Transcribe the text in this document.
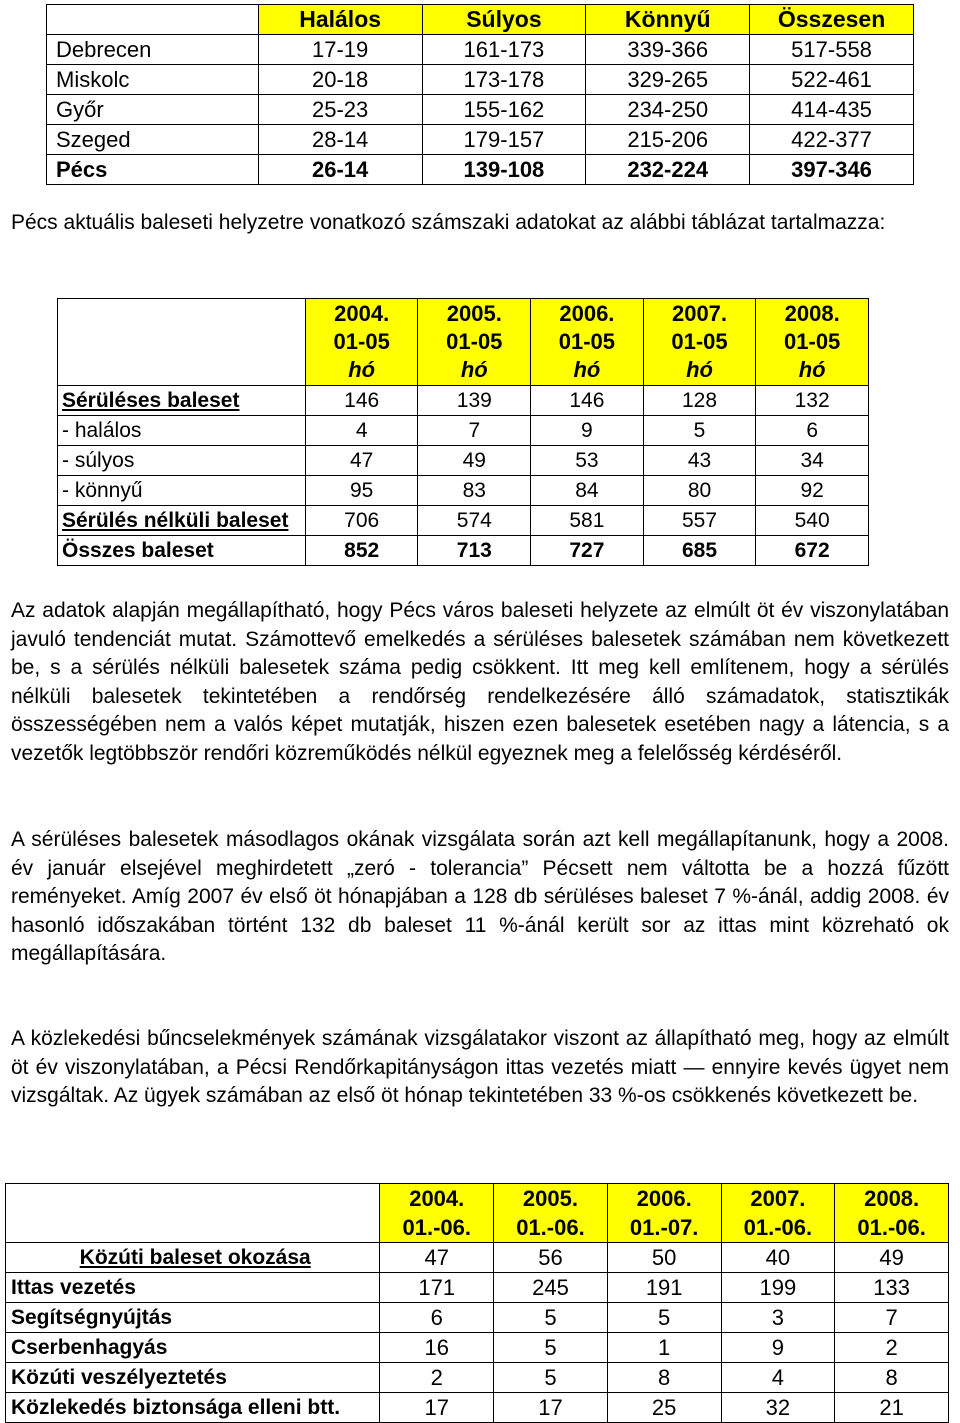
	Halálos	Súlyos	Könnyű	Összesen
Debrecen	17-19	161-173	339-366	517-558
Miskolc	20-18	173-178	329-265	522-461
Győr	25-23	155-162	234-250	414-435
Szeged	28-14	179-157	215-206	422-377
Pécs	26-14	139-108	232-224	397-346

Pécs aktuális baleseti helyzetre vonatkozó számszaki adatokat az alábbi táblázat tartalmazza:

	2004.
01-05
hó	2005.
01-05
hó	2006.
01-05
hó	2007.
01-05
hó	2008.
01-05
hó
Sérüléses baleset	146	139	146	128	132
- halálos	4	7	9	5	6
- súlyos	47	49	53	43	34
- könnyű	95	83	84	80	92
Sérülés nélküli baleset	706	574	581	557	540
Összes baleset	852	713	727	685	672

Az adatok alapján megállapítható, hogy Pécs város baleseti helyzete az elmúlt öt év viszonylatában javuló tendenciát mutat. Számottevő emelkedés a sérüléses balesetek számában nem következett be, s a sérülés nélküli balesetek száma pedig csökkent. Itt meg kell említenem, hogy a sérülés nélküli balesetek tekintetében a rendőrség rendelkezésére álló számadatok, statisztikák összességében nem a valós képet mutatják, hiszen ezen balesetek esetében nagy a látencia, s a vezetők legtöbbször rendőri közreműködés nélkül egyeznek meg a felelősség kérdéséről.

A sérüléses balesetek másodlagos okának vizsgálata során azt kell megállapítanunk, hogy a 2008. év január elsejével meghirdetett „zeró - tolerancia” Pécsett nem váltotta be a hozzá fűzött reményeket. Amíg 2007 év első öt hónapjában a 128 db sérüléses baleset 7 %-ánál, addig 2008. év hasonló időszakában történt 132 db baleset 11 %-ánál került sor az ittas mint közreható ok megállapítására.

A közlekedési bűncselekmények számának vizsgálatakor viszont az állapítható meg, hogy az elmúlt öt év viszonylatában, a Pécsi Rendőrkapitányságon ittas vezetés miatt — ennyire kevés ügyet nem vizsgáltak. Az ügyek számában az első öt hónap tekintetében 33 %-os csökkenés következett be.

	2004.
01.-06.	2005.
01.-06.	2006.
01.-07.	2007.
01.-06.	2008.
01.-06.
Közúti baleset okozása	47	56	50	40	49
Ittas vezetés	171	245	191	199	133
Segítségnyújtás	6	5	5	3	7
Cserbenhagyás	16	5	1	9	2
Közúti veszélyeztetés	2	5	8	4	8
Közlekedés biztonsága elleni btt.	17	17	25	32	21
